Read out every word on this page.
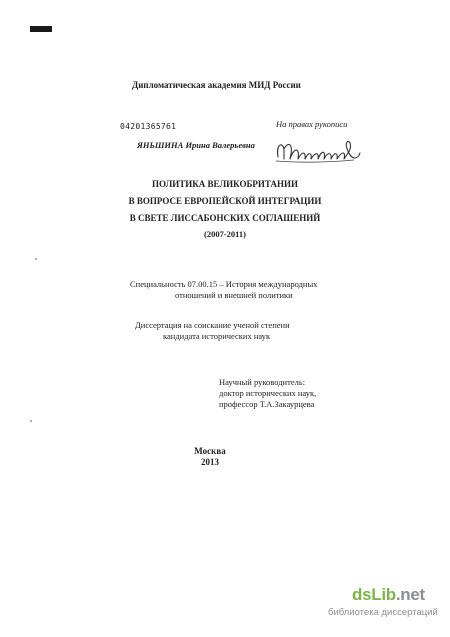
Дипломатическая академия МИД России
04201365761	На правах рукописи
ЯНЬШИНА Ирина Валерьевна
ПОЛИТИКА ВЕЛИКОБРИТАНИИ
В ВОПРОСЕ ЕВРОПЕЙСКОЙ ИНТЕГРАЦИИ
В СВЕТЕ ЛИССАБОНСКИХ СОГЛАШЕНИЙ
(2007-2011)
Специальность 07.00.15 – История международных
отношений и внешней политики
Диссертация на соискание ученой степени
кандидата исторических наук
Научный руководитель:
доктор исторических наук,
профессор Т.А.Закаурцева
Москва
2013
dsLib.net
библиотека диссертаций
